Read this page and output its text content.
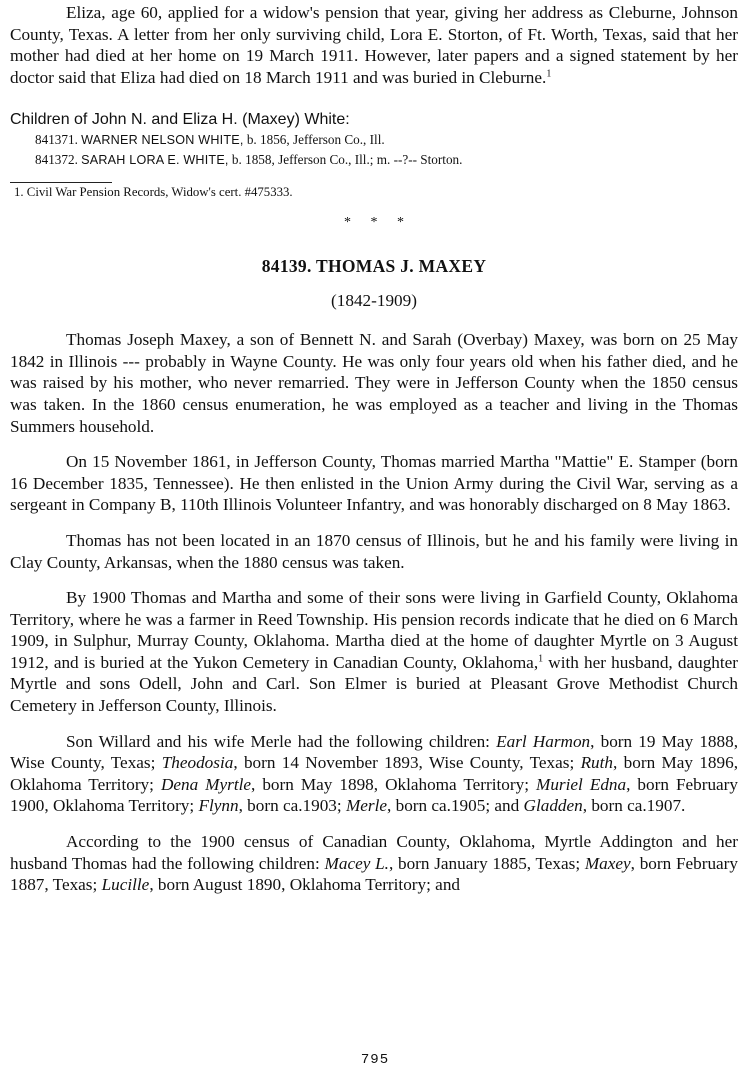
Eliza, age 60, applied for a widow's pension that year, giving her address as Cleburne, Johnson County, Texas. A letter from her only surviving child, Lora E. Storton, of Ft. Worth, Texas, said that her mother had died at her home on 19 March 1911. However, later papers and a signed statement by her doctor said that Eliza had died on 18 March 1911 and was buried in Cleburne.$^1$

Children of John N. and Eliza H. (Maxey) White:
841371. WARNER NELSON WHITE, b. 1856, Jefferson Co., Ill.
841372. SARAH LORA E. WHITE, b. 1858, Jefferson Co., Ill.; m. --?-- Storton.
1. Civil War Pension Records, Widow's cert. #475333.
* * *
84139. THOMAS J. MAXEY
(1842-1909)

Thomas Joseph Maxey, a son of Bennett N. and Sarah (Overbay) Maxey, was born on 25 May 1842 in Illinois --- probably in Wayne County. He was only four years old when his father died, and he was raised by his mother, who never remarried. They were in Jefferson County when the 1850 census was taken. In the 1860 census enumeration, he was employed as a teacher and living in the Thomas Summers household.

On 15 November 1861, in Jefferson County, Thomas married Martha "Mattie" E. Stamper (born 16 December 1835, Tennessee). He then enlisted in the Union Army during the Civil War, serving as a sergeant in Company B, 110th Illinois Volunteer Infantry, and was honorably discharged on 8 May 1863.

Thomas has not been located in an 1870 census of Illinois, but he and his family were living in Clay County, Arkansas, when the 1880 census was taken.

By 1900 Thomas and Martha and some of their sons were living in Garfield County, Oklahoma Territory, where he was a farmer in Reed Township. His pension records indicate that he died on 6 March 1909, in Sulphur, Murray County, Oklahoma. Martha died at the home of daughter Myrtle on 3 August 1912, and is buried at the Yukon Cemetery in Canadian County, Oklahoma,$^1$ with her husband, daughter Myrtle and sons Odell, John and Carl. Son Elmer is buried at Pleasant Grove Methodist Church Cemetery in Jefferson County, Illinois.

Son Willard and his wife Merle had the following children: Earl Harmon, born 19 May 1888, Wise County, Texas; Theodosia, born 14 November 1893, Wise County, Texas; Ruth, born May 1896, Oklahoma Territory; Dena Myrtle, born May 1898, Oklahoma Territory; Muriel Edna, born February 1900, Oklahoma Territory; Flynn, born ca.1903; Merle, born ca.1905; and Gladden, born ca.1907.

According to the 1900 census of Canadian County, Oklahoma, Myrtle Addington and her husband Thomas had the following children: Macey L., born January 1885, Texas; Maxey, born February 1887, Texas; Lucille, born August 1890, Oklahoma Territory; and

795
